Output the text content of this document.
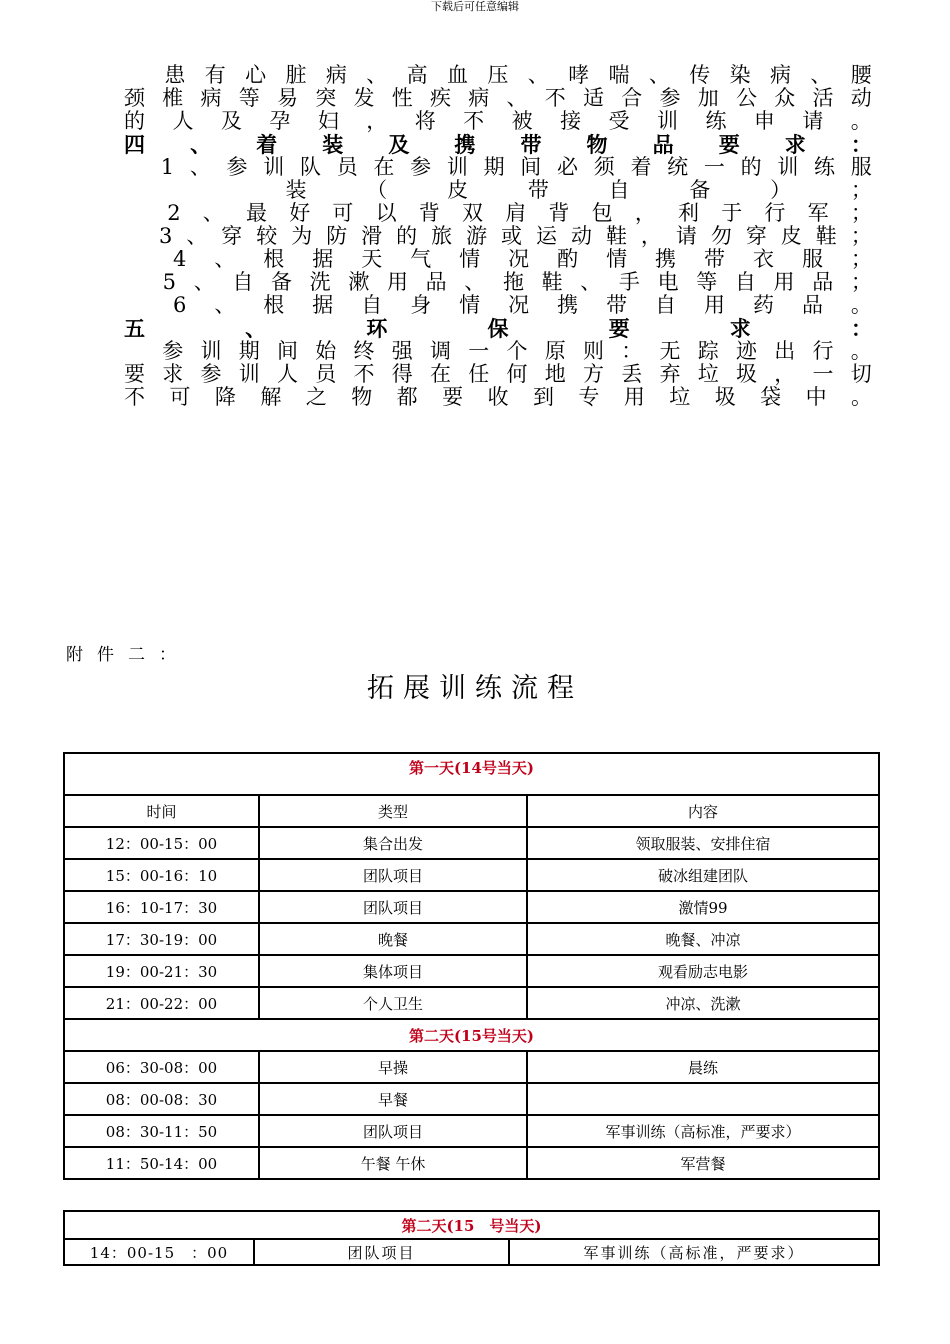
下载后可任意编辑

患 有 心 脏 病 、 高 血 压 、 哮 喘 、 传 染 病 、 腰
颈 椎 病 等 易 突 发 性 疾 病 、 不 适 合 参 加 公 众 活 动
的 人 及 孕 妇 ， 将 不 被 接 受 训 练 申 请 。
四 、 着 装 及 携 带 物 品 要 求 ：

1 、 参 训 队 员 在 参 训 期 间 必 须 着 统 一 的 训 练 服

装	（	皮	带	自	备	）	；

2 、 最 好 可 以 背 双 肩 背 包 ， 利 于 行 军 ；

3 、 穿 较 为 防 滑 的 旅 游 或 运 动 鞋 ， 请 勿 穿 皮 鞋 ；

4 、 根 据 天 气 情 况 酌 情 携 带 衣 服 ；

5 、 自 备 洗 漱 用 品 、 拖 鞋 、 手 电 等 自 用 品 ；

6 、 根 据 自 身 情 况 携 带 自 用 药 品 。
五	、	环	保	要	求	：

参 训 期 间 始 终 强 调 一 个 原 则 ： 无 踪 迹 出 行 。
要 求 参 训 人 员 不 得 在 任 何 地 方 丢 弃 垃 圾 ， 一 切
不 可 降 解 之 物 都 要 收 到 专 用 垃 圾 袋 中 。
附件二：
拓展训练流程
第一天(14号当天)		
时间	类型	内容
12：00-15：00	集合出发	领取服装、安排住宿
15：00-16：10	团队项目	破冰组建团队
16：10-17：30	团队项目	激情99
17：30-19：00	晚餐	晚餐、冲凉
19：00-21：30	集体项目	观看励志电影
21：00-22：00	个人卫生	冲凉、洗漱
第二天(15号当天)		
06：30-08：00	早操	晨练
08：00-08：30	早餐	
08：30-11：50	团队项目	军事训练（高标准，严要求）
11：50-14：00	午餐 午休	军营餐
第二天(15　号当天)
14：00-15　：00	团队项目	军事训练（高标准，严要求）
